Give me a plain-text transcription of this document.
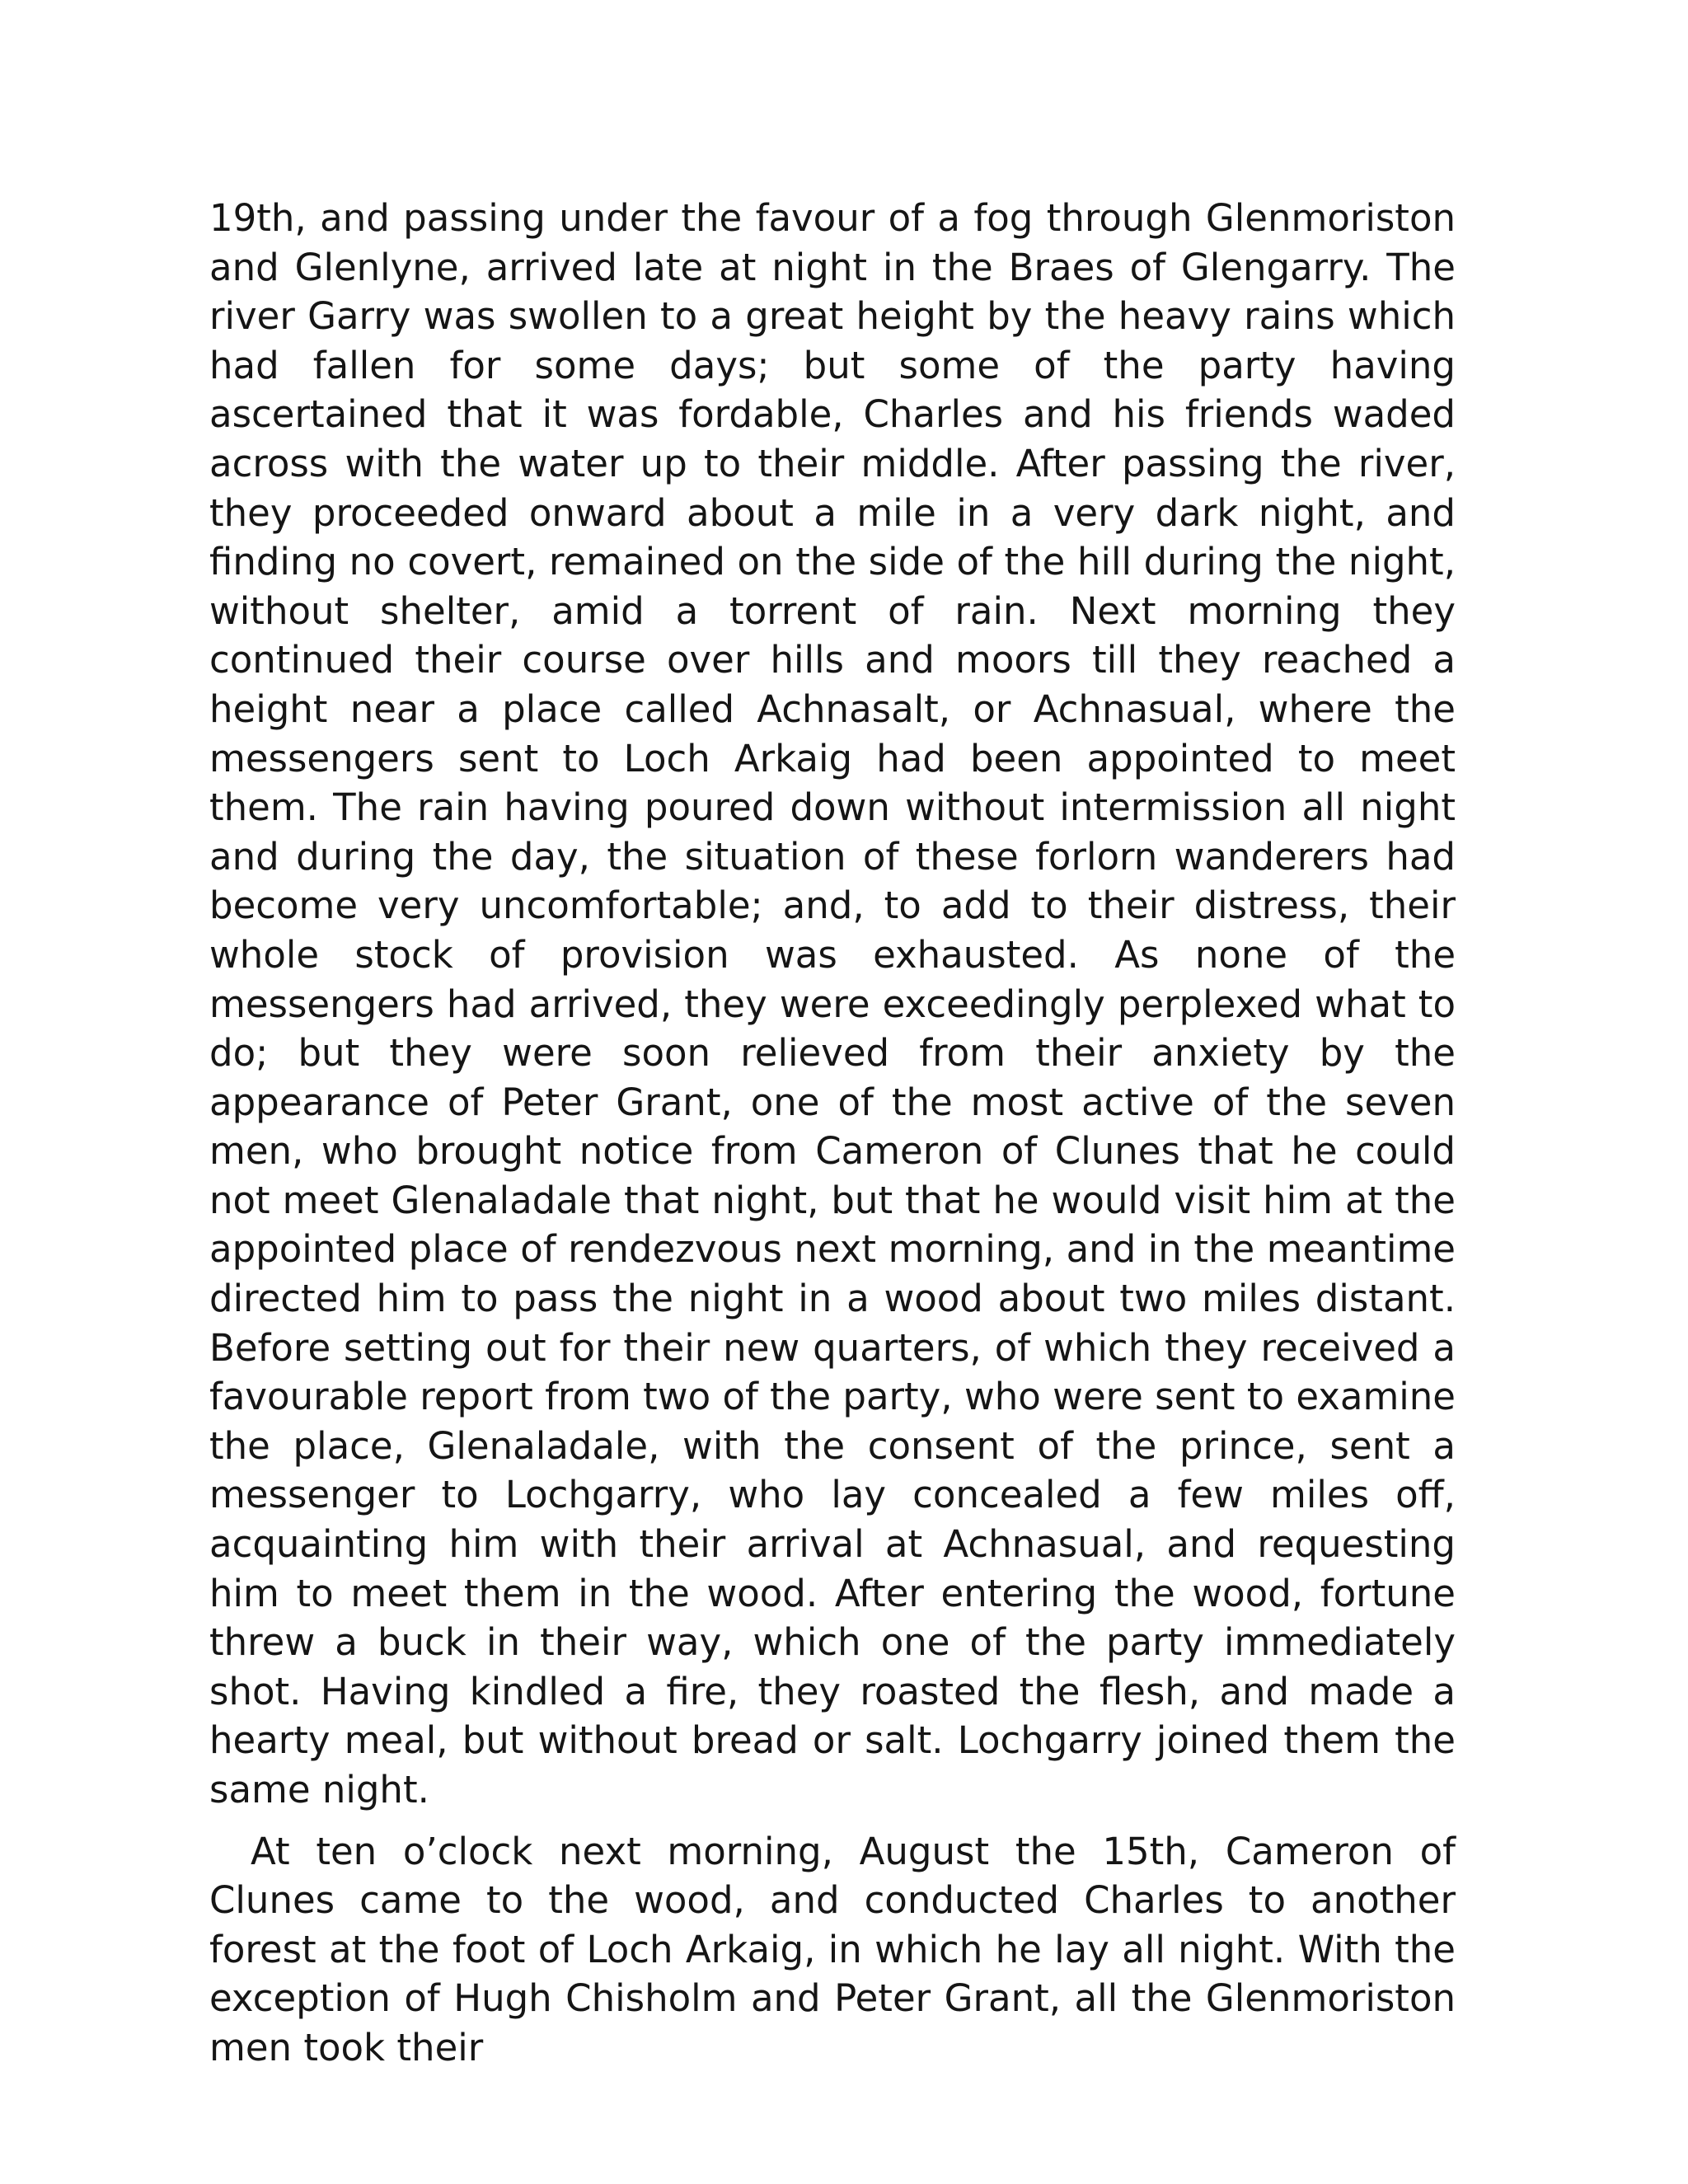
19th, and passing under the favour of a fog through Glenmoriston and Glenlyne, arrived late at night in the Braes of Glengarry. The river Garry was swollen to a great height by the heavy rains which had fallen for some days; but some of the party having ascertained that it was fordable, Charles and his friends waded across with the water up to their middle. After passing the river, they proceeded onward about a mile in a very dark night, and finding no covert, remained on the side of the hill during the night, without shelter, amid a torrent of rain. Next morning they continued their course over hills and moors till they reached a height near a place called Achnasalt, or Achnasual, where the messengers sent to Loch Arkaig had been appointed to meet them. The rain having poured down without intermission all night and during the day, the situation of these forlorn wanderers had become very uncomfortable; and, to add to their distress, their whole stock of provision was exhausted. As none of the messengers had arrived, they were exceedingly perplexed what to do; but they were soon relieved from their anxiety by the appearance of Peter Grant, one of the most active of the seven men, who brought notice from Cameron of Clunes that he could not meet Glenaladale that night, but that he would visit him at the appointed place of rendezvous next morning, and in the meantime directed him to pass the night in a wood about two miles distant. Before setting out for their new quarters, of which they received a favourable report from two of the party, who were sent to examine the place, Glenaladale, with the consent of the prince, sent a messenger to Lochgarry, who lay concealed a few miles off, acquainting him with their arrival at Achnasual, and requesting him to meet them in the wood. After entering the wood, fortune threw a buck in their way, which one of the party immediately shot. Having kindled a fire, they roasted the flesh, and made a hearty meal, but without bread or salt. Lochgarry joined them the same night.

At ten o’clock next morning, August the 15th, Cameron of Clunes came to the wood, and conducted Charles to another forest at the foot of Loch Arkaig, in which he lay all night. With the exception of Hugh Chisholm and Peter Grant, all the Glenmoriston men took their
